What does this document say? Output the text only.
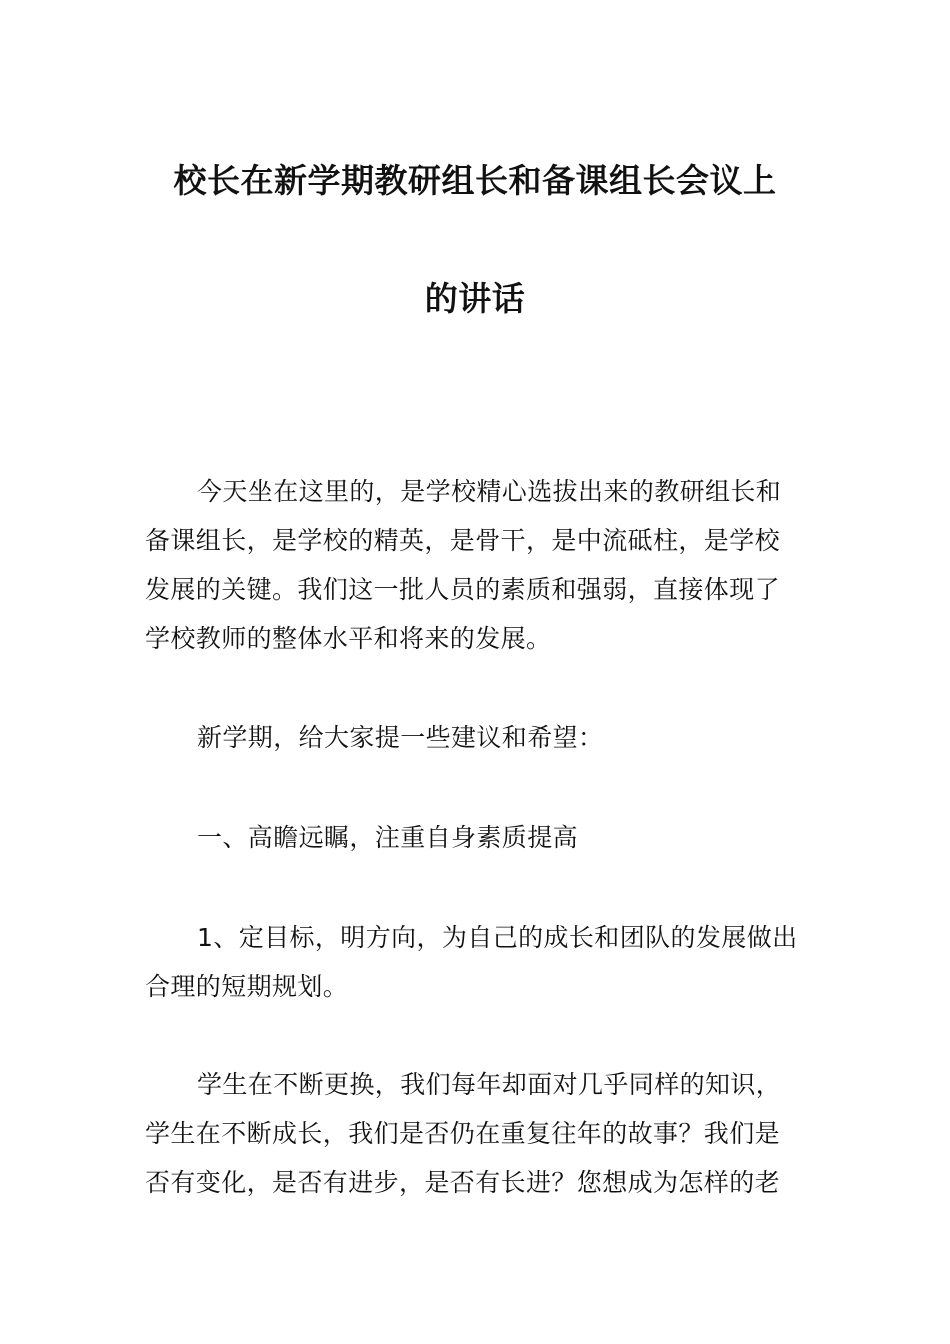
校长在新学期教研组长和备课组长会议上
的讲话
今天坐在这里的，是学校精心选拔出来的教研组长和
备课组长，是学校的精英，是骨干，是中流砥柱，是学校
发展的关键。我们这一批人员的素质和强弱，直接体现了
学校教师的整体水平和将来的发展。
新学期，给大家提一些建议和希望：
一、高瞻远瞩，注重自身素质提高
1、定目标，明方向，为自己的成长和团队的发展做出
合理的短期规划。
学生在不断更换，我们每年却面对几乎同样的知识，
学生在不断成长，我们是否仍在重复往年的故事？我们是
否有变化，是否有进步，是否有长进？您想成为怎样的老
